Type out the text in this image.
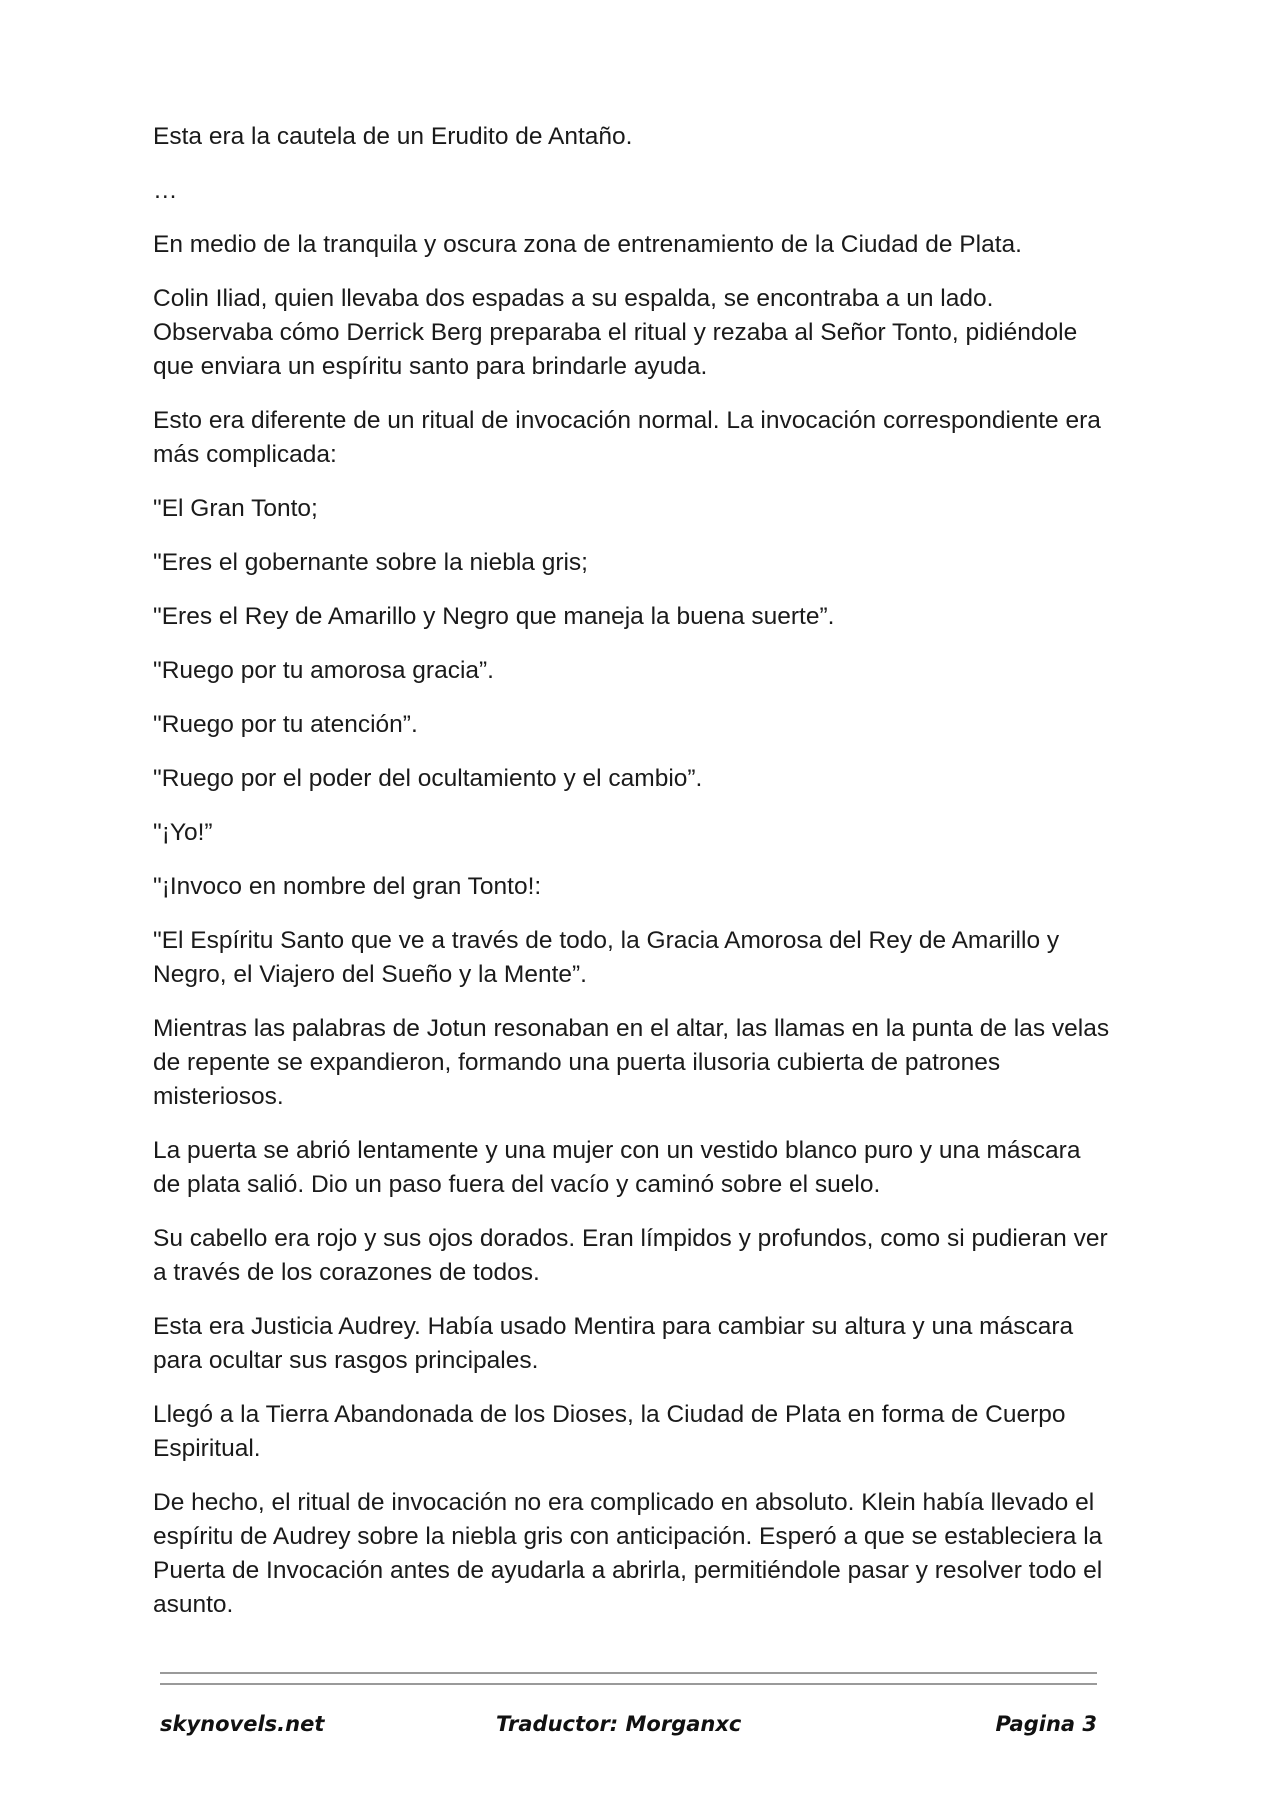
Esta era la cautela de un Erudito de Antaño.

…

En medio de la tranquila y oscura zona de entrenamiento de la Ciudad de Plata.

Colin Iliad, quien llevaba dos espadas a su espalda, se encontraba a un lado. Observaba cómo Derrick Berg preparaba el ritual y rezaba al Señor Tonto, pidiéndole que enviara un espíritu santo para brindarle ayuda.

Esto era diferente de un ritual de invocación normal. La invocación correspondiente era más complicada:

"El Gran Tonto;

"Eres el gobernante sobre la niebla gris;

"Eres el Rey de Amarillo y Negro que maneja la buena suerte”.

"Ruego por tu amorosa gracia”.

"Ruego por tu atención”.

"Ruego por el poder del ocultamiento y el cambio”.

"¡Yo!”

"¡Invoco en nombre del gran Tonto!:

"El Espíritu Santo que ve a través de todo, la Gracia Amorosa del Rey de Amarillo y Negro, el Viajero del Sueño y la Mente”.

Mientras las palabras de Jotun resonaban en el altar, las llamas en la punta de las velas de repente se expandieron, formando una puerta ilusoria cubierta de patrones misteriosos.

La puerta se abrió lentamente y una mujer con un vestido blanco puro y una máscara de plata salió. Dio un paso fuera del vacío y caminó sobre el suelo.

Su cabello era rojo y sus ojos dorados. Eran límpidos y profundos, como si pudieran ver a través de los corazones de todos.

Esta era Justicia Audrey. Había usado Mentira para cambiar su altura y una máscara para ocultar sus rasgos principales.

Llegó a la Tierra Abandonada de los Dioses, la Ciudad de Plata en forma de Cuerpo Espiritual.

De hecho, el ritual de invocación no era complicado en absoluto. Klein había llevado el espíritu de Audrey sobre la niebla gris con anticipación. Esperó a que se estableciera la Puerta de Invocación antes de ayudarla a abrirla, permitiéndole pasar y resolver todo el asunto.

skynovels.net	Traductor: Morganxc	Pagina 3
